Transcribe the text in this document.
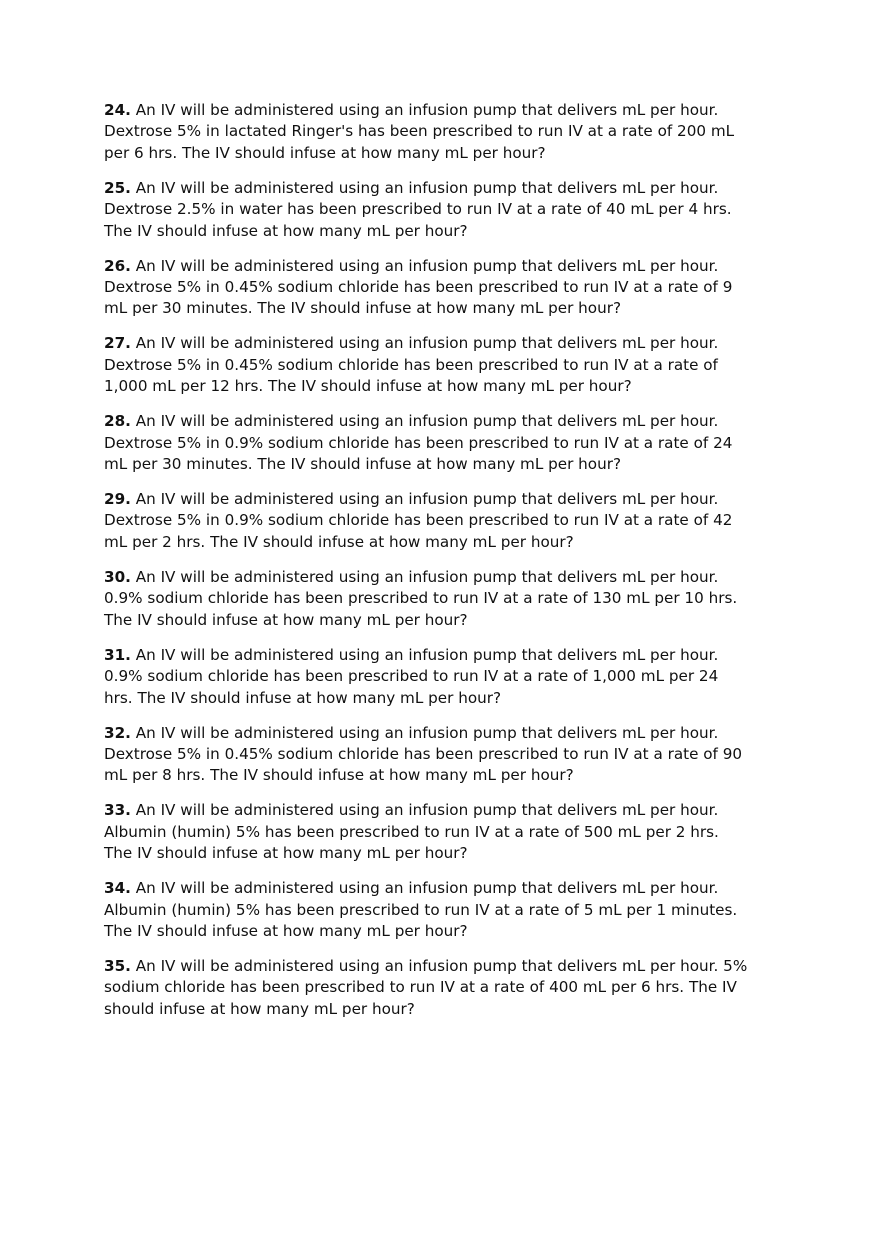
24. An IV will be administered using an infusion pump that delivers mL per hour.
Dextrose 5% in lactated Ringer's has been prescribed to run IV at a rate of 200 mL
per 6 hrs. The IV should infuse at how many mL per hour?
25. An IV will be administered using an infusion pump that delivers mL per hour.
Dextrose 2.5% in water has been prescribed to run IV at a rate of 40 mL per 4 hrs.
The IV should infuse at how many mL per hour?
26. An IV will be administered using an infusion pump that delivers mL per hour.
Dextrose 5% in 0.45% sodium chloride has been prescribed to run IV at a rate of 9
mL per 30 minutes. The IV should infuse at how many mL per hour?
27. An IV will be administered using an infusion pump that delivers mL per hour.
Dextrose 5% in 0.45% sodium chloride has been prescribed to run IV at a rate of
1,000 mL per 12 hrs. The IV should infuse at how many mL per hour?
28. An IV will be administered using an infusion pump that delivers mL per hour.
Dextrose 5% in 0.9% sodium chloride has been prescribed to run IV at a rate of 24
mL per 30 minutes. The IV should infuse at how many mL per hour?
29. An IV will be administered using an infusion pump that delivers mL per hour.
Dextrose 5% in 0.9% sodium chloride has been prescribed to run IV at a rate of 42
mL per 2 hrs. The IV should infuse at how many mL per hour?
30. An IV will be administered using an infusion pump that delivers mL per hour.
0.9% sodium chloride has been prescribed to run IV at a rate of 130 mL per 10 hrs.
The IV should infuse at how many mL per hour?
31. An IV will be administered using an infusion pump that delivers mL per hour.
0.9% sodium chloride has been prescribed to run IV at a rate of 1,000 mL per 24
hrs. The IV should infuse at how many mL per hour?
32. An IV will be administered using an infusion pump that delivers mL per hour.
Dextrose 5% in 0.45% sodium chloride has been prescribed to run IV at a rate of 90
mL per 8 hrs. The IV should infuse at how many mL per hour?
33. An IV will be administered using an infusion pump that delivers mL per hour.
Albumin (humin) 5% has been prescribed to run IV at a rate of 500 mL per 2 hrs.
The IV should infuse at how many mL per hour?
34. An IV will be administered using an infusion pump that delivers mL per hour.
Albumin (humin) 5% has been prescribed to run IV at a rate of 5 mL per 1 minutes.
The IV should infuse at how many mL per hour?
35. An IV will be administered using an infusion pump that delivers mL per hour. 5%
sodium chloride has been prescribed to run IV at a rate of 400 mL per 6 hrs. The IV
should infuse at how many mL per hour?
